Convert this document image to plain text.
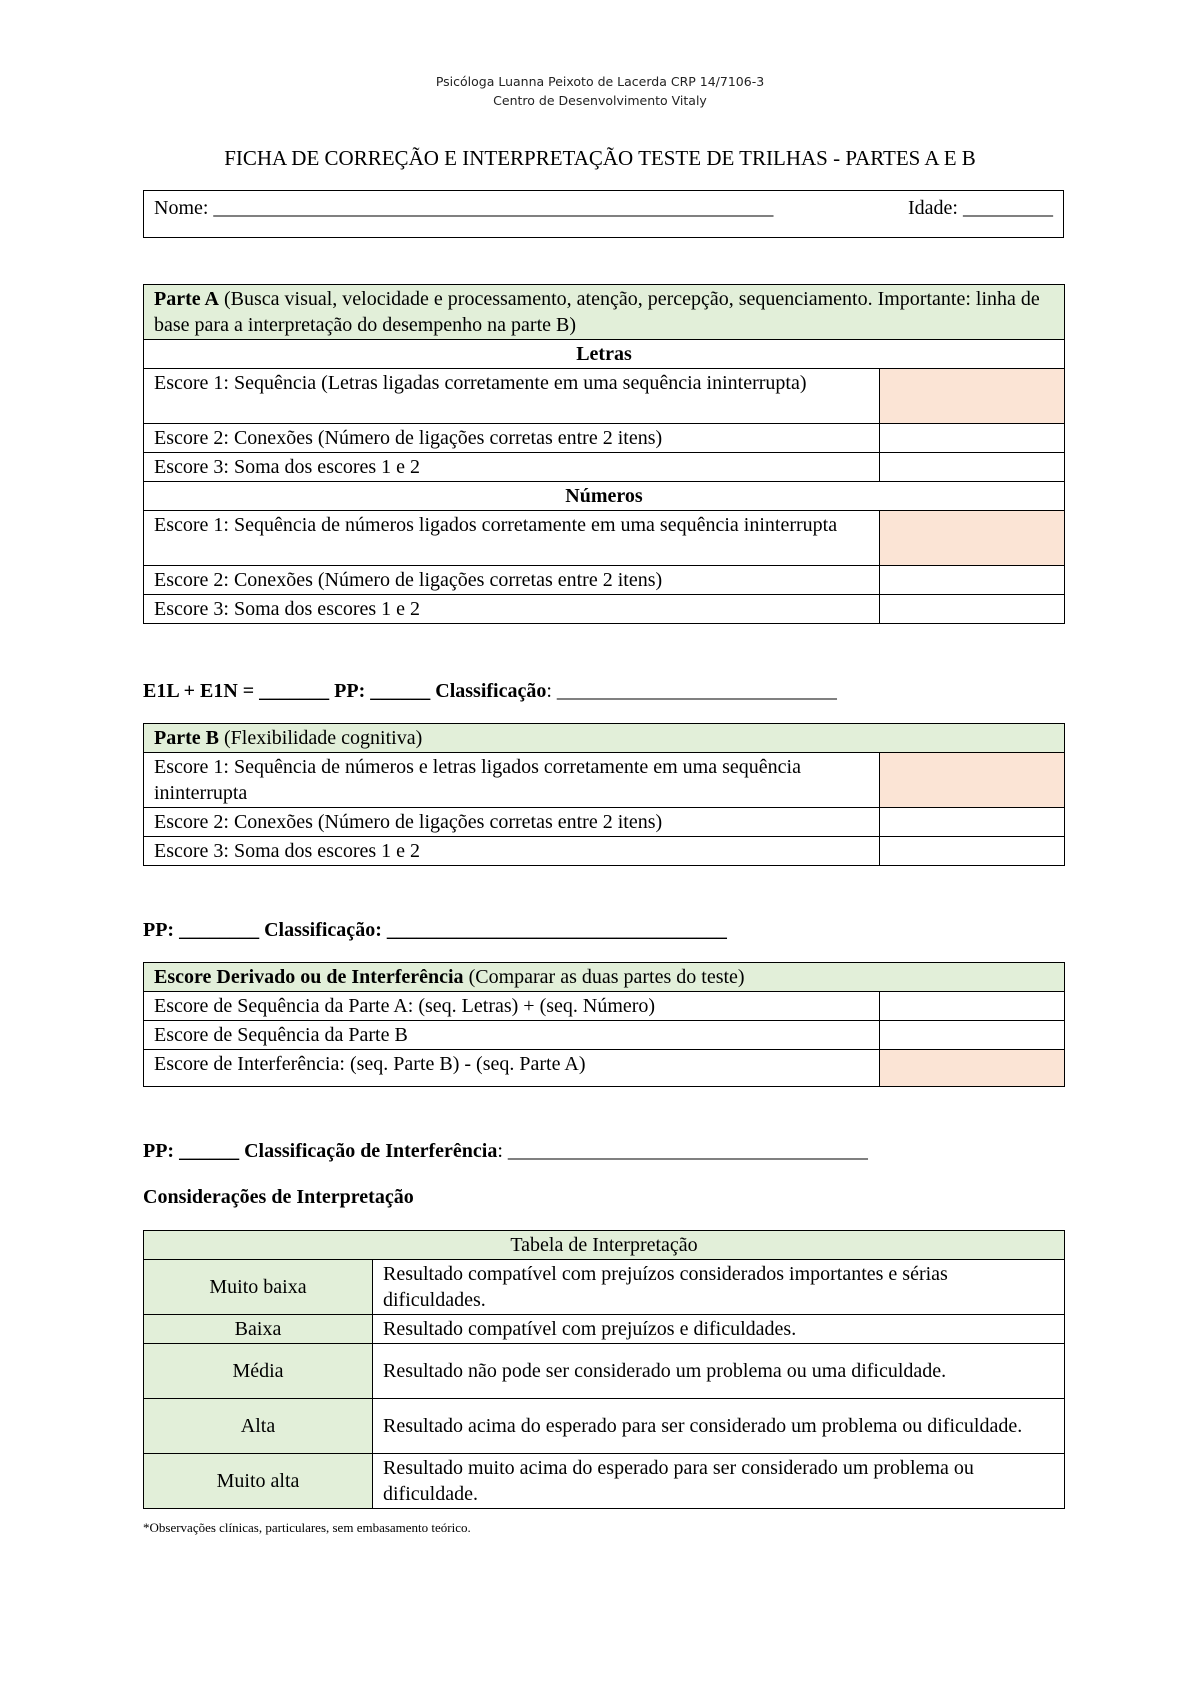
Psicóloga Luanna Peixoto de Lacerda CRP 14/7106-3
Centro de Desenvolvimento Vitaly
FICHA DE CORREÇÃO E INTERPRETAÇÃO TESTE DE TRILHAS - PARTES A E B
Nome: ________________________________________________________	Idade: _________
Parte A (Busca visual, velocidade e processamento, atenção, percepção, sequenciamento. Importante: linha de base para a interpretação do desempenho na parte B)	
Letras	
Escore 1: Sequência (Letras ligadas corretamente em uma sequência ininterrupta)	
Escore 2: Conexões (Número de ligações corretas entre 2 itens)	
Escore 3: Soma dos escores 1 e 2	
Números	
Escore 1: Sequência de números ligados corretamente em uma sequência ininterrupta	
Escore 2: Conexões (Número de ligações corretas entre 2 itens)	
Escore 3: Soma dos escores 1 e 2	
E1L + E1N = _______ PP: ______ Classificação: ____________________________
Parte B (Flexibilidade cognitiva)	
Escore 1: Sequência de números e letras ligados corretamente em uma sequência ininterrupta	
Escore 2: Conexões (Número de ligações corretas entre 2 itens)	
Escore 3: Soma dos escores 1 e 2	
PP: ________ Classificação: __________________________________
Escore Derivado ou de Interferência (Comparar as duas partes do teste)	
Escore de Sequência da Parte A: (seq. Letras) + (seq. Número)	
Escore de Sequência da Parte B	
Escore de Interferência: (seq. Parte B) - (seq. Parte A)	
PP: ______ Classificação de Interferência: ____________________________________
Considerações de Interpretação
Tabela de Interpretação	
Muito baixa	Resultado compatível com prejuízos considerados importantes e sérias dificuldades.
Baixa	Resultado compatível com prejuízos e dificuldades.
Média	Resultado não pode ser considerado um problema ou uma dificuldade.
Alta	Resultado acima do esperado para ser considerado um problema ou dificuldade.
Muito alta	Resultado muito acima do esperado para ser considerado um problema ou dificuldade.
*Observações clínicas, particulares, sem embasamento teórico.
